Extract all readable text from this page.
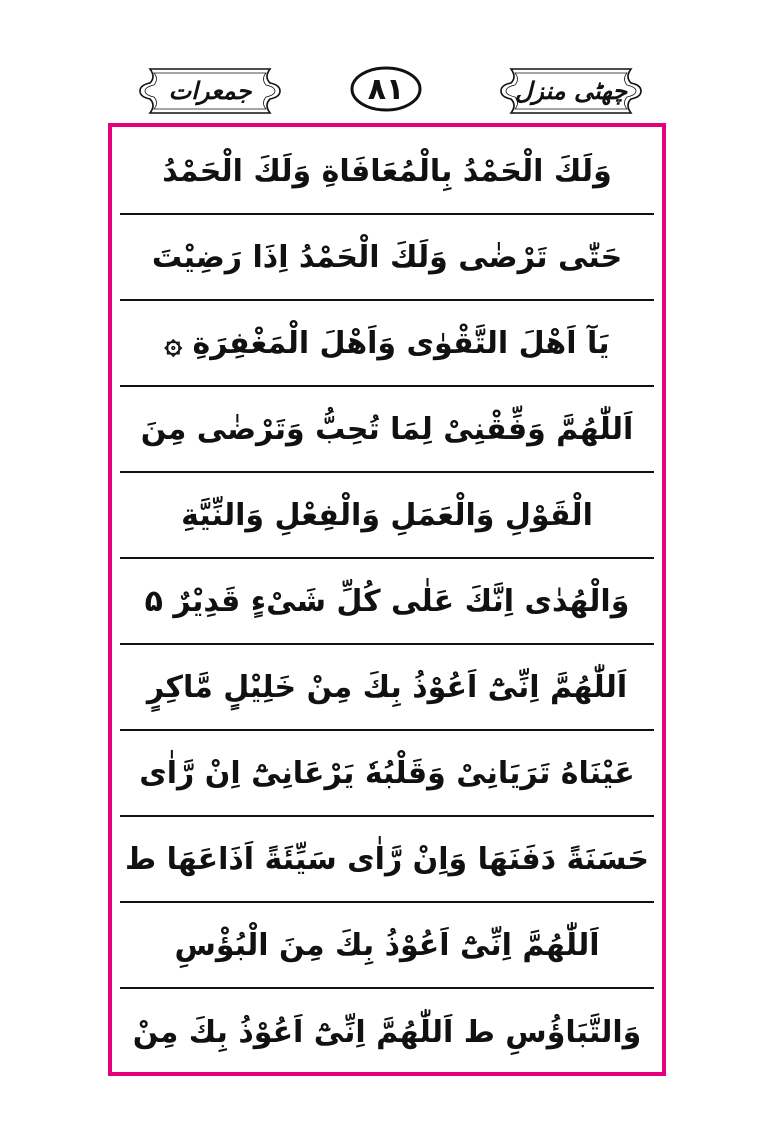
جمعرات	٨١	چھٹی منزل
وَلَكَ الْحَمْدُ بِالْمُعَافَاةِ وَلَكَ الْحَمْدُ
حَتّٰى تَرْضٰى وَلَكَ الْحَمْدُ اِذَا رَضِيْتَ
يَآ اَهْلَ التَّقْوٰى وَاَهْلَ الْمَغْفِرَةِ ۞
اَللّٰهُمَّ وَفِّقْنِىْ لِمَا تُحِبُّ وَتَرْضٰى مِنَ
الْقَوْلِ وَالْعَمَلِ وَالْفِعْلِ وَالنِّيَّةِ
وَالْهُدٰى اِنَّكَ عَلٰى كُلِّ شَىْءٍ قَدِيْرٌ ۵
اَللّٰهُمَّ اِنِّىْٓ اَعُوْذُ بِكَ مِنْ خَلِيْلٍ مَّاكِرٍ
عَيْنَاهُ تَرَيَانِىْ وَقَلْبُهٗ يَرْعَانِىْٓ اِنْ رَّاٰى
حَسَنَةً دَفَنَهَا وَاِنْ رَّاٰى سَيِّئَةً اَذَاعَهَا ط
اَللّٰهُمَّ اِنِّىْٓ اَعُوْذُ بِكَ مِنَ الْبُؤْسِ
وَالتَّبَاؤُسِ ط اَللّٰهُمَّ اِنِّىْٓ اَعُوْذُ بِكَ مِنْ
